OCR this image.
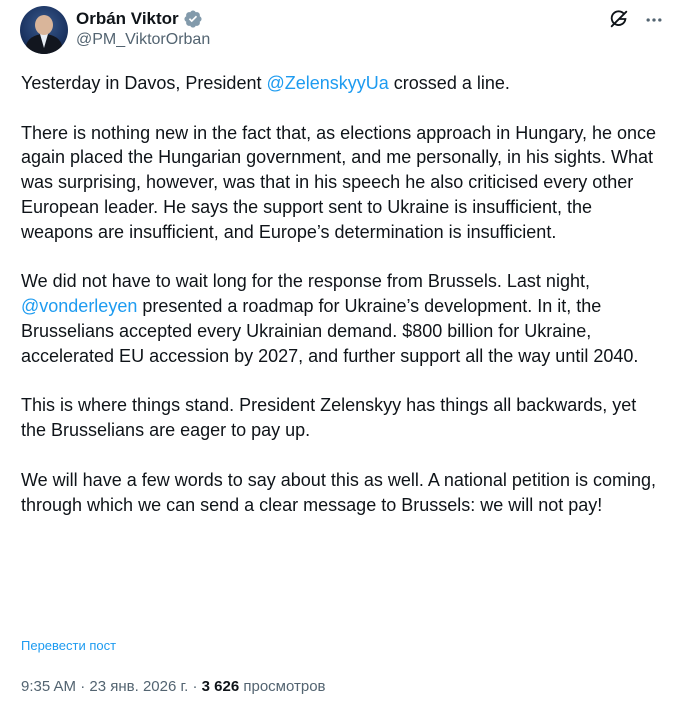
Orbán Viktor
@PM_ViktorOrban

Yesterday in Davos, President @ZelenskyyUa crossed a line.

There is nothing new in the fact that, as elections approach in Hungary, he once again placed the Hungarian government, and me personally, in his sights. What was surprising, however, was that in his speech he also criticised every other European leader. He says the support sent to Ukraine is insufficient, the weapons are insufficient, and Europe’s determination is insufficient.

We did not have to wait long for the response from Brussels. Last night, @vonderleyen presented a roadmap for Ukraine’s development. In it, the Brusselians accepted every Ukrainian demand. $800 billion for Ukraine, accelerated EU accession by 2027, and further support all the way until 2040.

This is where things stand. President Zelenskyy has things all backwards, yet the Brusselians are eager to pay up.

We will have a few words to say about this as well. A national petition is coming, through which we can send a clear message to Brussels: we will not pay!

Перевести пост
9:35 AM · 23 янв. 2026 г. · 3 626 просмотров
